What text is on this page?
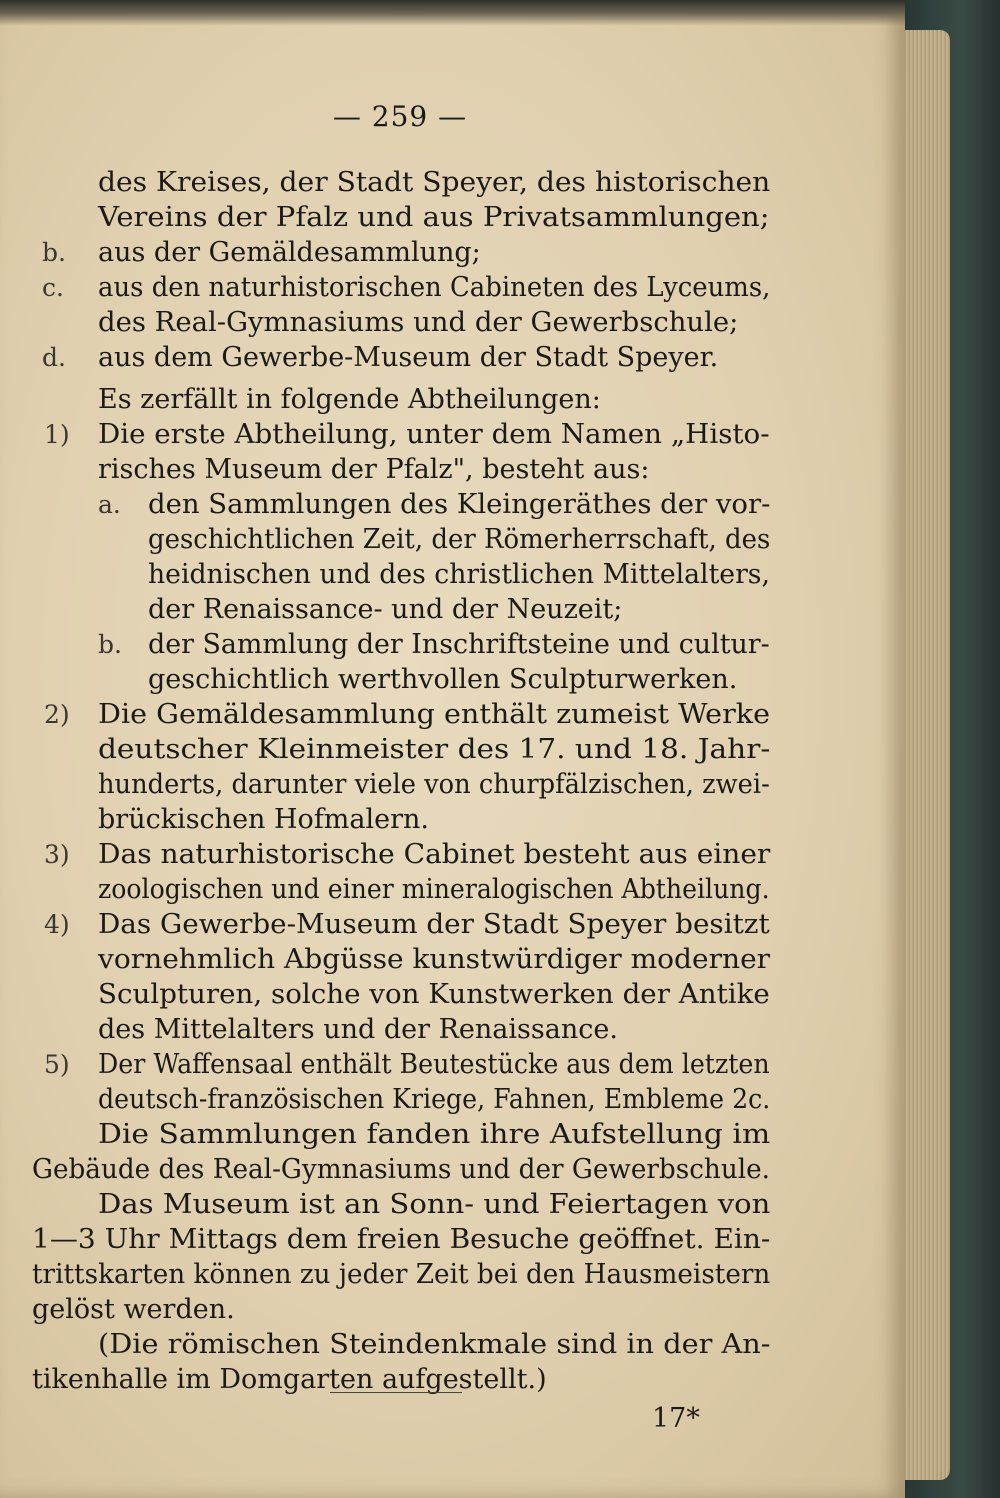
— 259 —
des Kreises, der Stadt Speyer, des historischen
Vereins der Pfalz und aus Privatsammlungen;
b. aus der Gemäldesammlung;
c. aus den naturhistorischen Cabineten des Lyceums,
des Real-Gymnasiums und der Gewerbschule;
d. aus dem Gewerbe-Museum der Stadt Speyer.
Es zerfällt in folgende Abtheilungen:
1) Die erste Abtheilung, unter dem Namen „Histo-
risches Museum der Pfalz", besteht aus:
a. den Sammlungen des Kleingeräthes der vor-
geschichtlichen Zeit, der Römerherrschaft, des
heidnischen und des christlichen Mittelalters,
der Renaissance- und der Neuzeit;
b. der Sammlung der Inschriftsteine und cultur-
geschichtlich werthvollen Sculpturwerken.
2) Die Gemäldesammlung enthält zumeist Werke
deutscher Kleinmeister des 17. und 18. Jahr-
hunderts, darunter viele von churpfälzischen, zwei-
brückischen Hofmalern.
3) Das naturhistorische Cabinet besteht aus einer
zoologischen und einer mineralogischen Abtheilung.
4) Das Gewerbe-Museum der Stadt Speyer besitzt
vornehmlich Abgüsse kunstwürdiger moderner
Sculpturen, solche von Kunstwerken der Antike
des Mittelalters und der Renaissance.
5) Der Waffensaal enthält Beutestücke aus dem letzten
deutsch-französischen Kriege, Fahnen, Embleme 2c.
Die Sammlungen fanden ihre Aufstellung im
Gebäude des Real-Gymnasiums und der Gewerbschule.
Das Museum ist an Sonn- und Feiertagen von
1—3 Uhr Mittags dem freien Besuche geöffnet. Ein-
trittskarten können zu jeder Zeit bei den Hausmeistern
gelöst werden.
(Die römischen Steindenkmale sind in der An-
tikenhalle im Domgarten aufgestellt.)
17*
